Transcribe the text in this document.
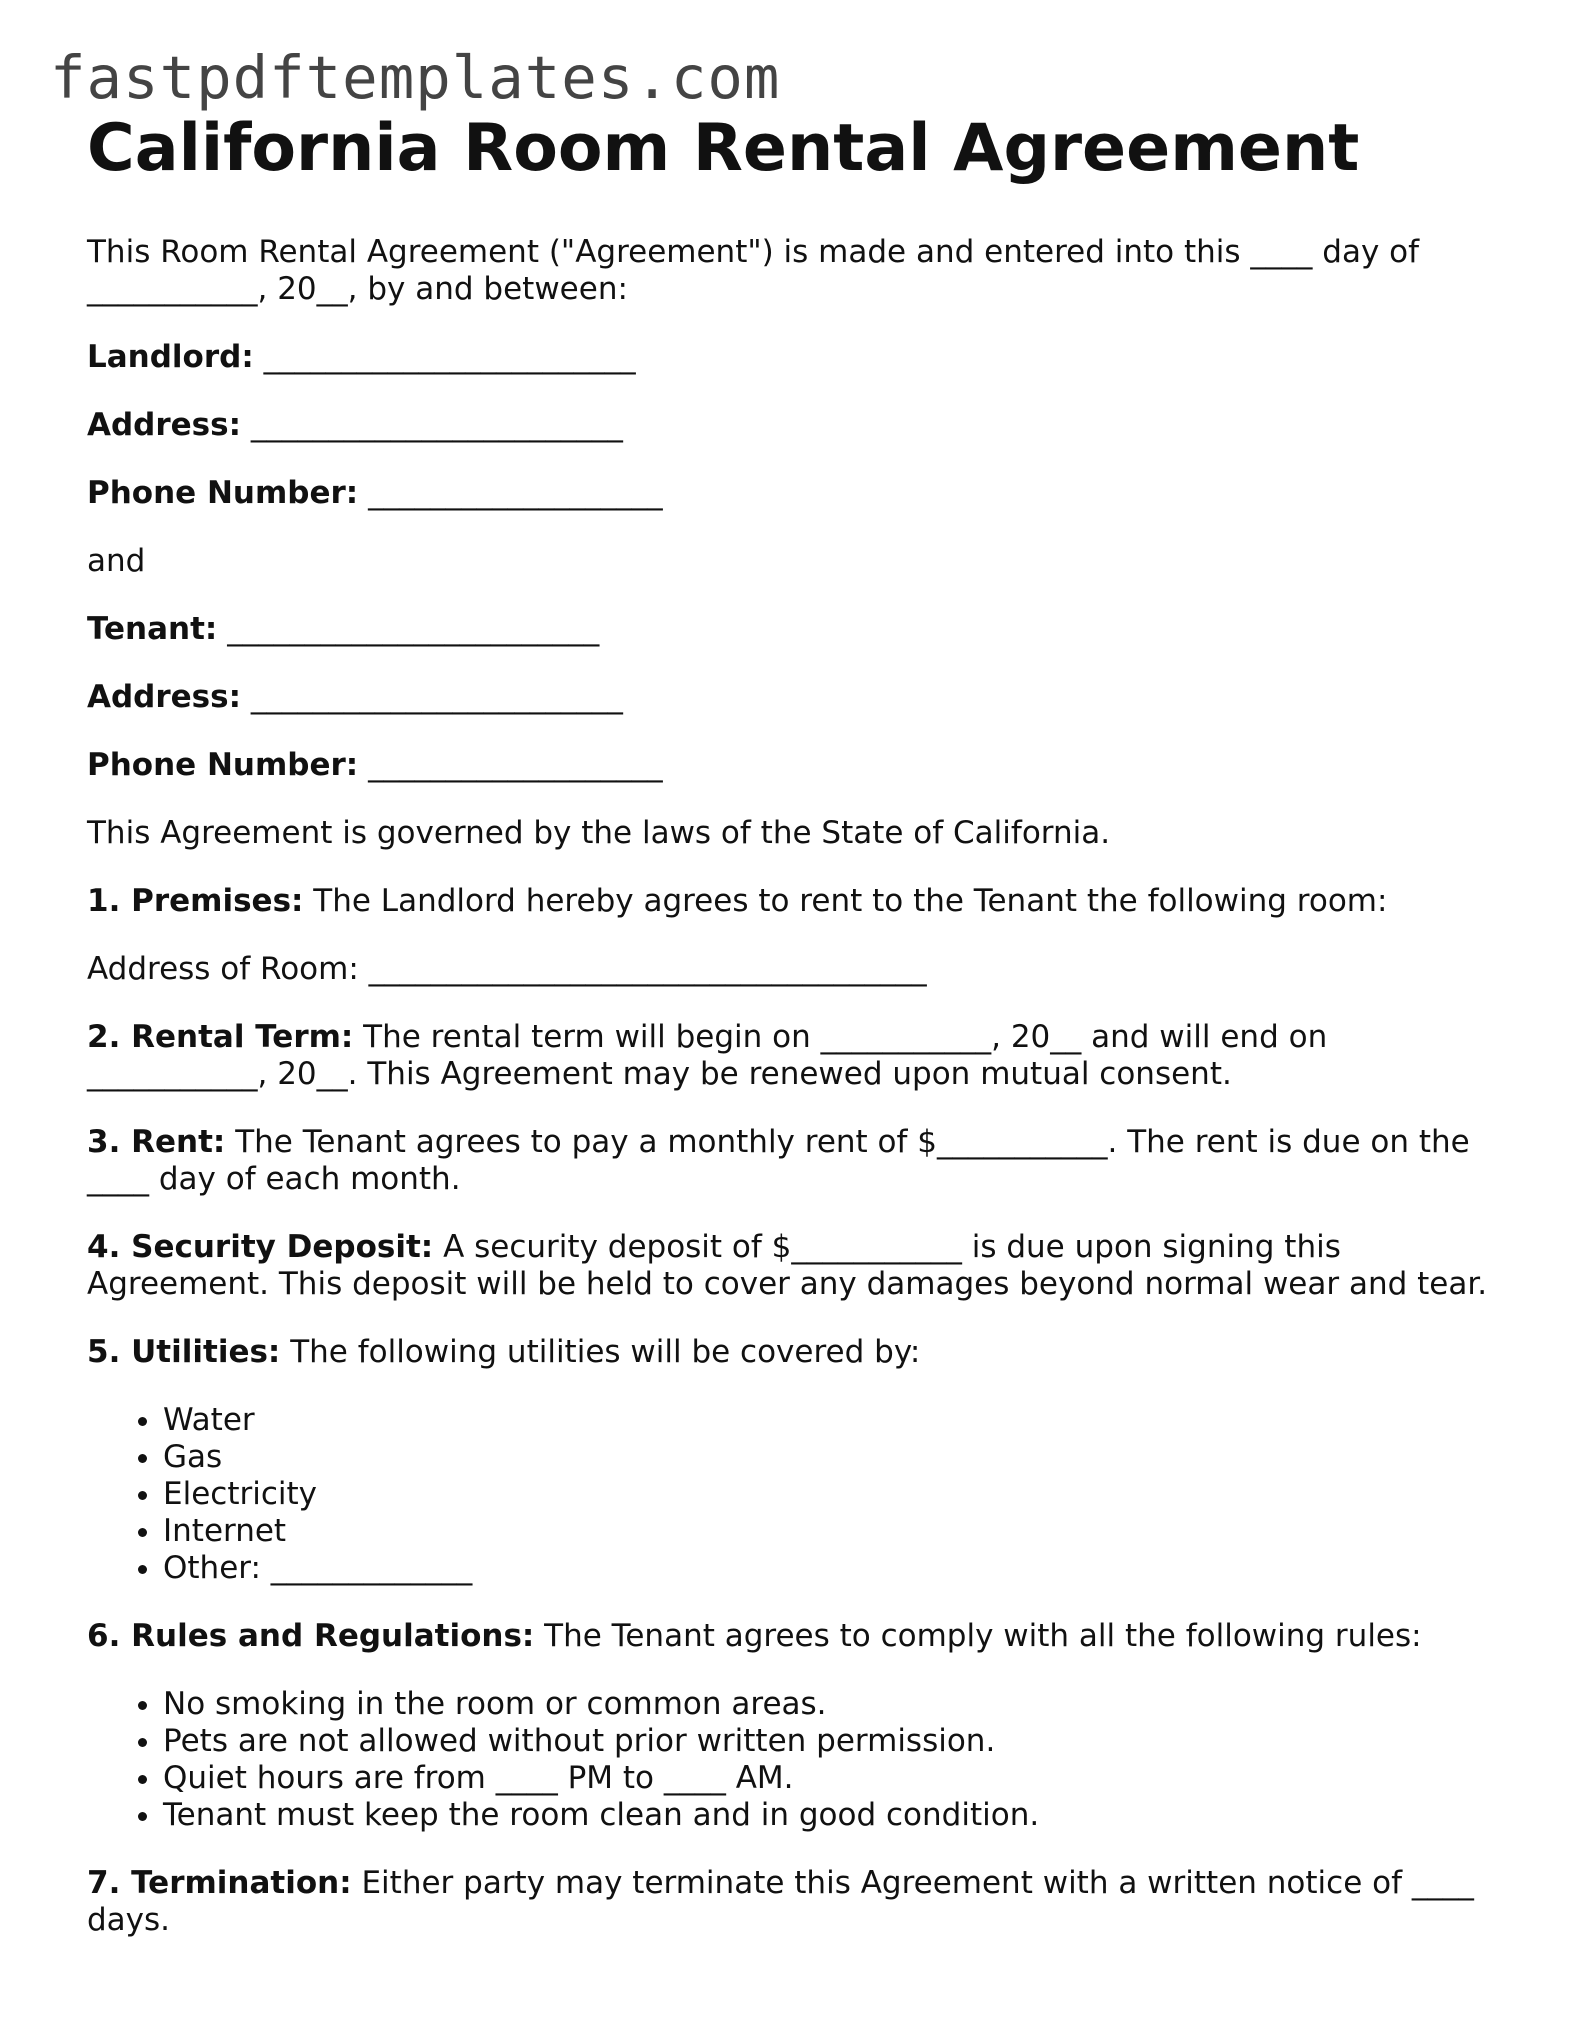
fastpdftemplates.com
California Room Rental Agreement

This Room Rental Agreement ("Agreement") is made and entered into this ____ day of ___________, 20__, by and between:

Landlord: ________________________

Address: ________________________

Phone Number: ___________________

and

Tenant: ________________________

Address: ________________________

Phone Number: ___________________

This Agreement is governed by the laws of the State of California.

1. Premises: The Landlord hereby agrees to rent to the Tenant the following room:

Address of Room: ____________________________________

2. Rental Term: The rental term will begin on ___________, 20__ and will end on ___________, 20__. This Agreement may be renewed upon mutual consent.

3. Rent: The Tenant agrees to pay a monthly rent of $___________. The rent is due on the ____ day of each month.

4. Security Deposit: A security deposit of $___________ is due upon signing this Agreement. This deposit will be held to cover any damages beyond normal wear and tear.

5. Utilities: The following utilities will be covered by:

• Water
• Gas
• Electricity
• Internet
• Other: _____________

6. Rules and Regulations: The Tenant agrees to comply with all the following rules:

• No smoking in the room or common areas.
• Pets are not allowed without prior written permission.
• Quiet hours are from ____ PM to ____ AM.
• Tenant must keep the room clean and in good condition.

7. Termination: Either party may terminate this Agreement with a written notice of ____ days.
